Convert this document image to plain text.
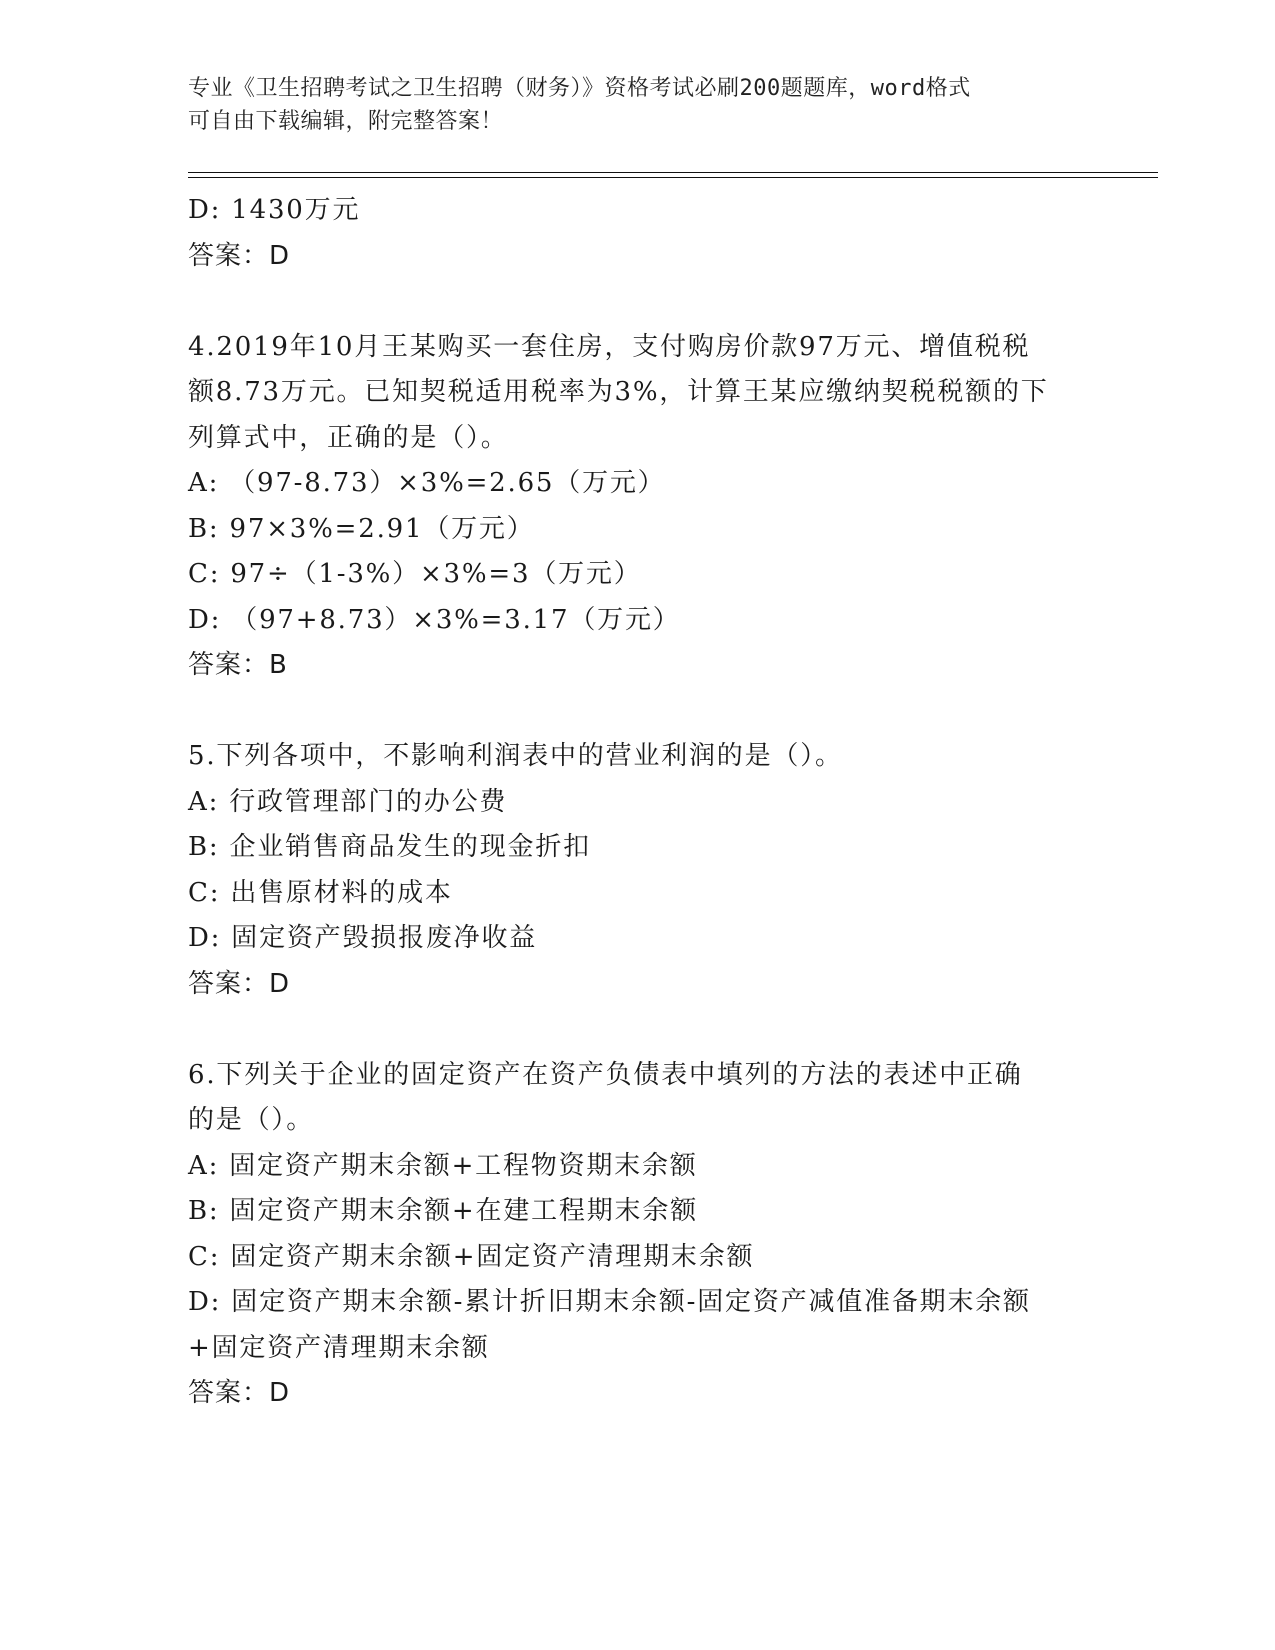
专业《卫生招聘考试之卫生招聘（财务）》资格考试必刷200题题库，word格式
可自由下载编辑，附完整答案！
D: 1430万元
答案：D
4.2019年10月王某购买一套住房，支付购房价款97万元、增值税税
额8.73万元。已知契税适用税率为3%，计算王某应缴纳契税税额的下
列算式中，正确的是（）。
A: （97-8.73）×3%=2.65（万元）
B: 97×3%=2.91（万元）
C: 97÷（1-3%）×3%=3（万元）
D: （97+8.73）×3%=3.17（万元）
答案：B
5.下列各项中，不影响利润表中的营业利润的是（）。
A: 行政管理部门的办公费
B: 企业销售商品发生的现金折扣
C: 出售原材料的成本
D: 固定资产毁损报废净收益
答案：D
6.下列关于企业的固定资产在资产负债表中填列的方法的表述中正确
的是（）。
A: 固定资产期末余额+工程物资期末余额
B: 固定资产期末余额+在建工程期末余额
C: 固定资产期末余额+固定资产清理期末余额
D: 固定资产期末余额-累计折旧期末余额-固定资产减值准备期末余额
+固定资产清理期末余额
答案：D
